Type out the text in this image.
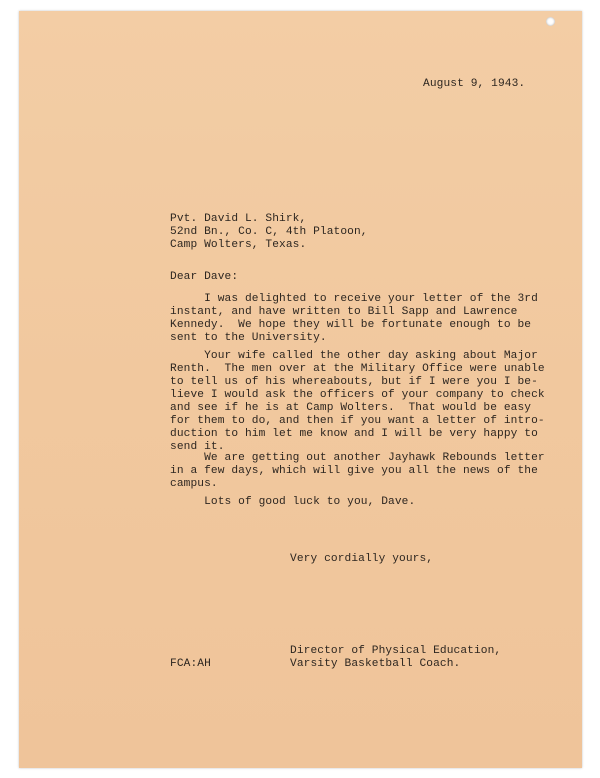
August 9, 1943.
Pvt. David L. Shirk,
52nd Bn., Co. C, 4th Platoon,
Camp Wolters, Texas.
Dear Dave:
I was delighted to receive your letter of the 3rd
instant, and have written to Bill Sapp and Lawrence
Kennedy.  We hope they will be fortunate enough to be
sent to the University.
Your wife called the other day asking about Major
Renth.  The men over at the Military Office were unable
to tell us of his whereabouts, but if I were you I be-
lieve I would ask the officers of your company to check
and see if he is at Camp Wolters.  That would be easy
for them to do, and then if you want a letter of intro-
duction to him let me know and I will be very happy to
send it.
We are getting out another Jayhawk Rebounds letter
in a few days, which will give you all the news of the
campus.
Lots of good luck to you, Dave.
Very cordially yours,
Director of Physical Education,
Varsity Basketball Coach.
FCA:AH
